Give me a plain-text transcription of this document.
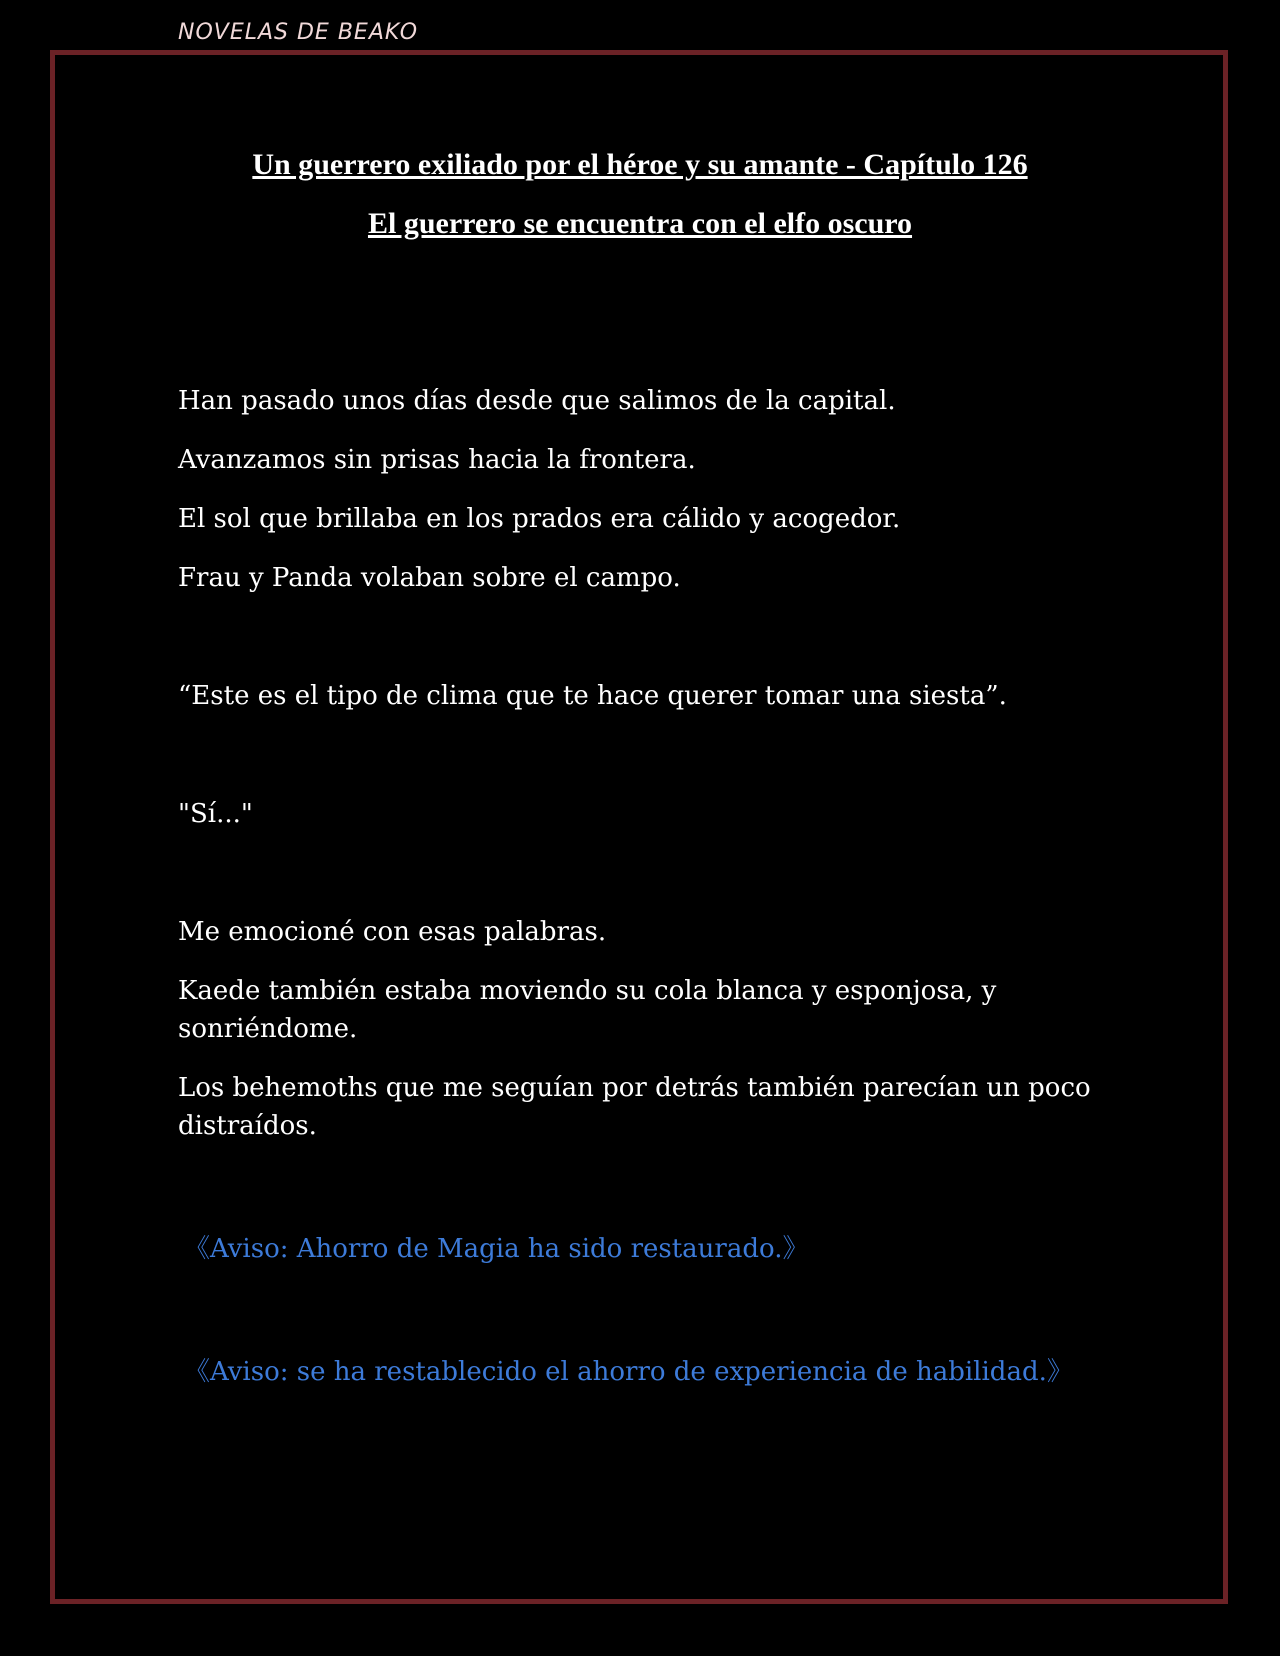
NOVELAS DE BEAKO
Un guerrero exiliado por el héroe y su amante - Capítulo 126
El guerrero se encuentra con el elfo oscuro

Han pasado unos días desde que salimos de la capital.

Avanzamos sin prisas hacia la frontera.

El sol que brillaba en los prados era cálido y acogedor.

Frau y Panda volaban sobre el campo.

“Este es el tipo de clima que te hace querer tomar una siesta”.

"Sí..."

Me emocioné con esas palabras.

Kaede también estaba moviendo su cola blanca y esponjosa, y sonriéndome.

Los behemoths que me seguían por detrás también parecían un poco distraídos.

《Aviso: Ahorro de Magia ha sido restaurado.》

《Aviso: se ha restablecido el ahorro de experiencia de habilidad.》
